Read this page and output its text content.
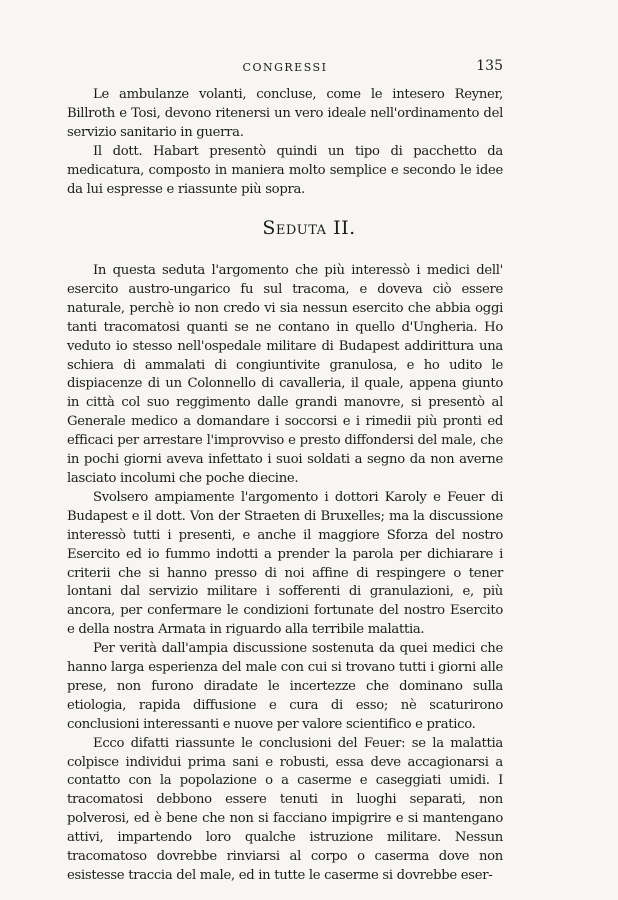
CONGRESSI	135

Le ambulanze volanti, concluse, come le intesero Reyner, Billroth e Tosi, devono ritenersi un vero ideale nell'ordinamento del servizio sanitario in guerra.

Il dott. Habart presentò quindi un tipo di pacchetto da medicatura, composto in maniera molto semplice e secondo le idee da lui espresse e riassunte più sopra.

Seduta II.

In questa seduta l'argomento che più interessò i medici dell' esercito austro-ungarico fu sul tracoma, e doveva ciò essere naturale, perchè io non credo vi sia nessun esercito che abbia oggi tanti tracomatosi quanti se ne contano in quello d'Ungheria. Ho veduto io stesso nell'ospedale militare di Budapest addirittura una schiera di ammalati di congiuntivite granulosa, e ho udito le dispiacenze di un Colonnello di cavalleria, il quale, appena giunto in città col suo reggimento dalle grandi manovre, si presentò al Generale medico a domandare i soccorsi e i rimedii più pronti ed efficaci per arrestare l'improvviso e presto diffondersi del male, che in pochi giorni aveva infettato i suoi soldati a segno da non averne lasciato incolumi che poche diecine.

Svolsero ampiamente l'argomento i dottori Karoly e Feuer di Budapest e il dott. Von der Straeten di Bruxelles; ma la discussione interessò tutti i presenti, e anche il maggiore Sforza del nostro Esercito ed io fummo indotti a prender la parola per dichiarare i criterii che si hanno presso di noi affine di respingere o tener lontani dal servizio militare i sofferenti di granulazioni, e, più ancora, per confermare le condizioni fortunate del nostro Esercito e della nostra Armata in riguardo alla terribile malattia.

Per verità dall'ampia discussione sostenuta da quei medici che hanno larga esperienza del male con cui si trovano tutti i giorni alle prese, non furono diradate le incertezze che dominano sulla etiologia, rapida diffusione e cura di esso; nè scaturirono conclusioni interessanti e nuove per valore scientifico e pratico.

Ecco difatti riassunte le conclusioni del Feuer: se la malattia colpisce individui prima sani e robusti, essa deve accagionarsi a contatto con la popolazione o a caserme e caseggiati umidi. I tracomatosi debbono essere tenuti in luoghi separati, non polverosi, ed è bene che non si facciano impigrire e si mantengano attivi, impartendo loro qualche istruzione militare. Nessun tracomatoso dovrebbe rinviarsi al corpo o caserma dove non esistesse traccia del male, ed in tutte le caserme si dovrebbe eser-
